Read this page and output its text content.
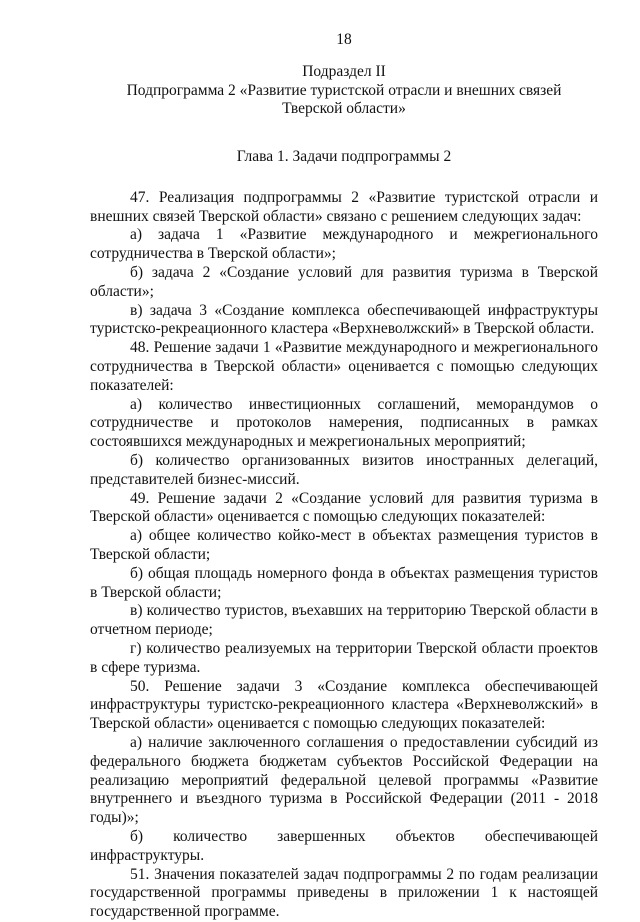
18

Подраздел II

Подпрограмма 2 «Развитие туристской отрасли и внешних связей

Тверской области»

Глава 1. Задачи подпрограммы 2

47. Реализация подпрограммы 2 «Развитие туристской отрасли и внешних связей Тверской области» связано с решением следующих задач:

а) задача 1 «Развитие международного и межрегионального сотрудничества в Тверской области»;

б) задача 2 «Создание условий для развития туризма в Тверской области»;

в) задача 3 «Создание комплекса обеспечивающей инфраструктуры туристско-рекреационного кластера «Верхневолжский» в Тверской области.

48. Решение задачи 1 «Развитие международного и межрегионального сотрудничества в Тверской области» оценивается с помощью следующих показателей:

а) количество инвестиционных соглашений, меморандумов о сотрудничестве и протоколов намерения, подписанных в рамках состоявшихся международных и межрегиональных мероприятий;

б) количество организованных визитов иностранных делегаций, представителей бизнес-миссий.

49. Решение задачи 2 «Создание условий для развития туризма в Тверской области» оценивается с помощью следующих показателей:

а) общее количество койко-мест в объектах размещения туристов в Тверской области;

б) общая площадь номерного фонда в объектах размещения туристов в Тверской области;

в) количество туристов, въехавших на территорию Тверской области в отчетном периоде;

г) количество реализуемых на территории Тверской области проектов в сфере туризма.

50. Решение задачи 3 «Создание комплекса обеспечивающей инфраструктуры туристско-рекреационного кластера «Верхневолжский» в Тверской области» оценивается с помощью следующих показателей:

а) наличие заключенного соглашения о предоставлении субсидий из федерального бюджета бюджетам субъектов Российской Федерации на реализацию мероприятий федеральной целевой программы «Развитие внутреннего и въездного туризма в Российской Федерации (2011 - 2018 годы)»;

б) количество завершенных объектов обеспечивающей инфраструктуры.

51. Значения показателей задач подпрограммы 2 по годам реализации государственной программы приведены в приложении 1 к настоящей государственной программе.
